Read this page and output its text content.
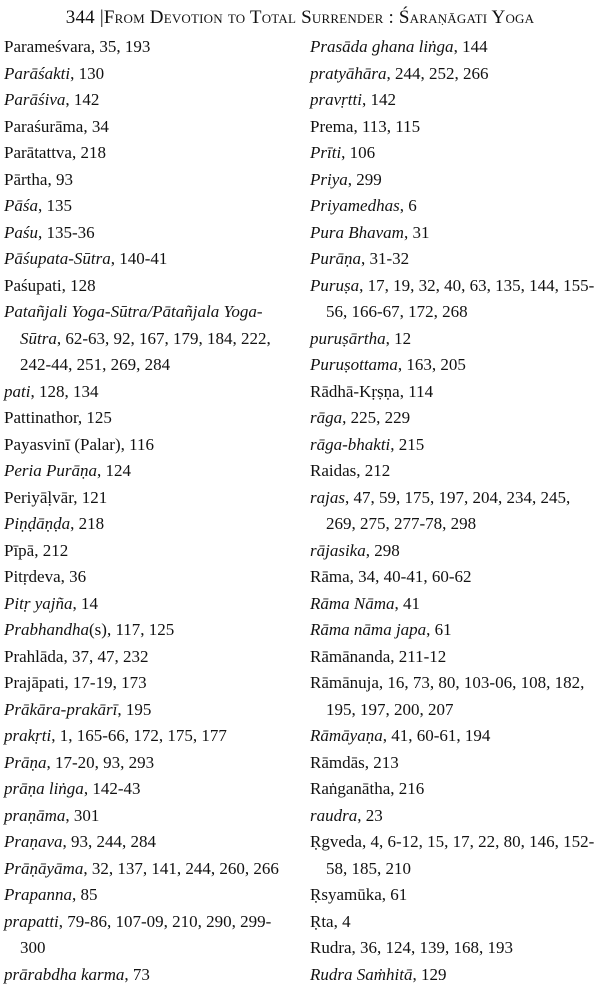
344 |From Devotion to Total Surrender : Śaraṇāgati Yoga
Parameśvara, 35, 193
Parāśakti, 130
Parāśiva, 142
Paraśurāma, 34
Parātattva, 218
Pārtha, 93
Pāśa, 135
Paśu, 135-36
Pāśupata-Sūtra, 140-41
Paśupati, 128
Patañjali Yoga-Sūtra/Pātañjala Yoga-Sūtra, 62-63, 92, 167, 179, 184, 222, 242-44, 251, 269, 284
pati, 128, 134
Pattinathor, 125
Payasvinī (Palar), 116
Peria Purāṇa, 124
Periyāḷvār, 121
Piṇḍāṇḍa, 218
Pīpā, 212
Pitṛdeva, 36
Pitṛ yajña, 14
Prabhandha(s), 117, 125
Prahlāda, 37, 47, 232
Prajāpati, 17-19, 173
Prākāra-prakārī, 195
prakṛti, 1, 165-66, 172, 175, 177
Prāṇa, 17-20, 93, 293
prāṇa liṅga, 142-43
praṇāma, 301
Praṇava, 93, 244, 284
Prāṇāyāma, 32, 137, 141, 244, 260, 266
Prapanna, 85
prapatti, 79-86, 107-09, 210, 290, 299-300
prārabdha karma, 73
Prasāda ghana liṅga, 144
pratyāhāra, 244, 252, 266
pravṛtti, 142
Prema, 113, 115
Prīti, 106
Priya, 299
Priyamedhas, 6
Pura Bhavam, 31
Purāṇa, 31-32
Puruṣa, 17, 19, 32, 40, 63, 135, 144, 155-56, 166-67, 172, 268
puruṣārtha, 12
Puruṣottama, 163, 205
Rādhā-Kṛṣṇa, 114
rāga, 225, 229
rāga-bhakti, 215
Raidas, 212
rajas, 47, 59, 175, 197, 204, 234, 245, 269, 275, 277-78, 298
rājasika, 298
Rāma, 34, 40-41, 60-62
Rāma Nāma, 41
Rāma nāma japa, 61
Rāmānanda, 211-12
Rāmānuja, 16, 73, 80, 103-06, 108, 182, 195, 197, 200, 207
Rāmāyaṇa, 41, 60-61, 194
Rāmdās, 213
Raṅganātha, 216
raudra, 23
Ṛgveda, 4, 6-12, 15, 17, 22, 80, 146, 152-58, 185, 210
Ṛsyamūka, 61
Ṛta, 4
Rudra, 36, 124, 139, 168, 193
Rudra Saṁhitā, 129
